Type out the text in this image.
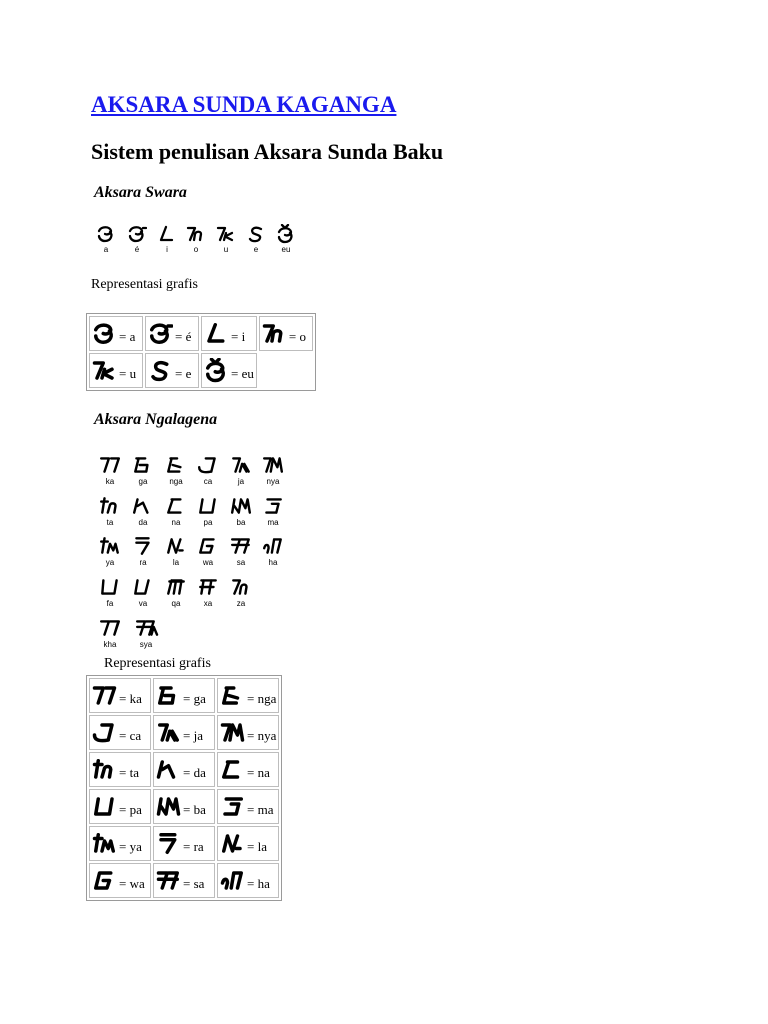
AKSARA SUNDA KAGANGA
Sistem penulisan Aksara Sunda Baku
Aksara Swara
a	é	i	o	u	e	eu
Representasi grafis
= a	= é	= i	= o

= u	= e	= eu	
Aksara Ngalagena
ka	ga	nga	ca	ja	nya
ta	da	na	pa	ba	ma
ya	ra	la	wa	sa	ha
fa	va	qa	xa	za
kha	sya
Representasi grafis
= ka	= ga	= nga

= ca	= ja	= nya

= ta	= da	= na

= pa	= ba	= ma

= ya	= ra	= la

= wa	= sa	= ha
